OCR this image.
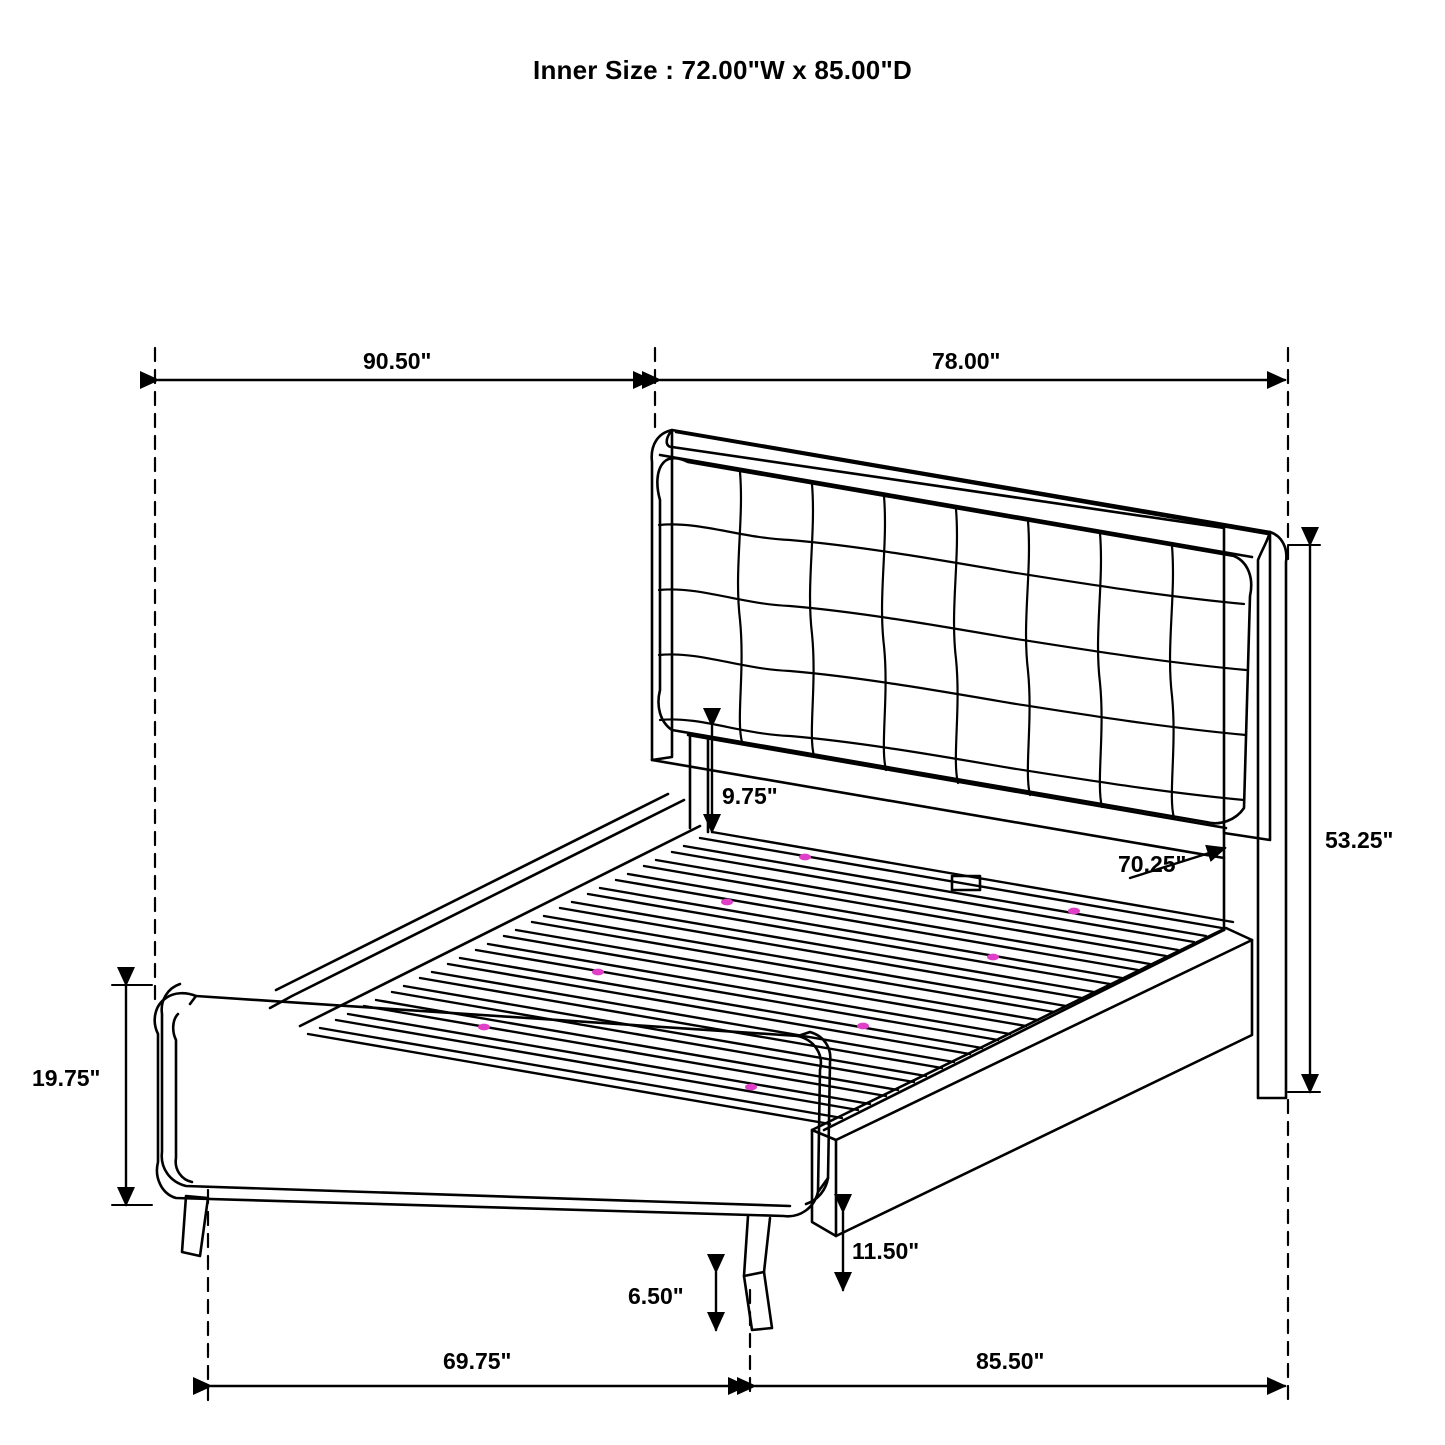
Inner Size : 72.00"W x 85.00"D
90.50"	78.00"
53.25"
9.75"
70.25"
19.75"
11.50"
6.50"
69.75"	85.50"
